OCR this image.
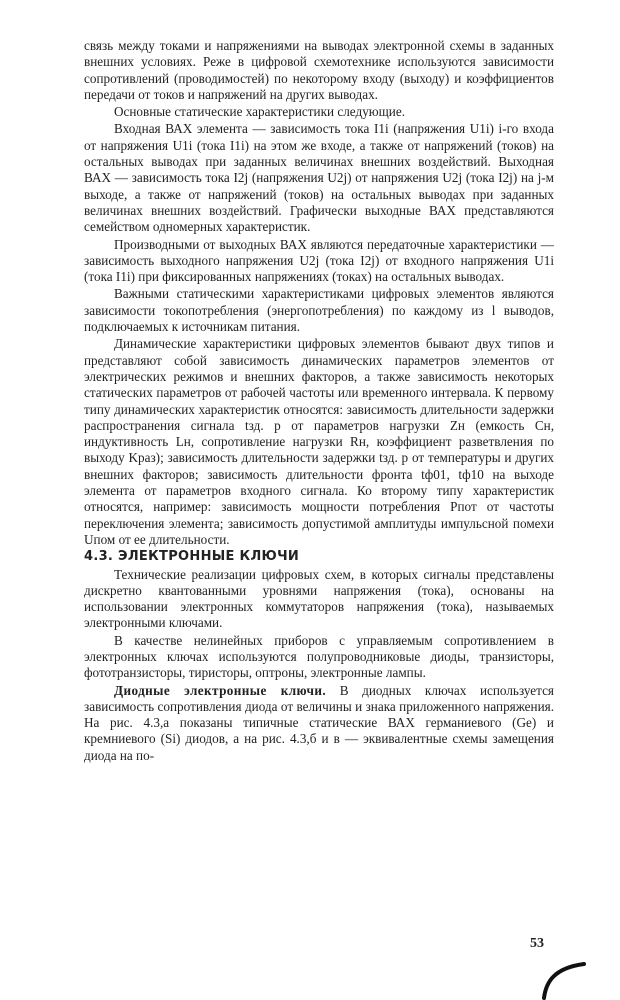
связь между токами и напряжениями на выводах электронной схемы в заданных внешних условиях. Реже в цифровой схемотехнике используются зависимости сопротивлений (проводимостей) по некоторому входу (выходу) и коэффициентов передачи от токов и напряжений на других выводах.

Основные статические характеристики следующие.

Входная ВАХ элемента — зависимость тока I1i (напряжения U1i) i-го входа от напряжения U1i (тока I1i) на этом же входе, а также от напряжений (токов) на остальных выводах при заданных величинах внешних воздействий. Выходная ВАХ — зависимость тока I2j (напряжения U2j) от напряжения U2j (тока I2j) на j-м выходе, а также от напряжений (токов) на остальных выводах при заданных величинах внешних воздействий. Графически выходные ВАХ представляются семейством одномерных характеристик.

Производными от выходных ВАХ являются передаточные характеристики — зависимость выходного напряжения U2j (тока I2j) от входного напряжения U1i (тока I1i) при фиксированных напряжениях (токах) на остальных выводах.

Важными статическими характеристиками цифровых элементов являются зависимости токопотребления (энергопотребления) по каждому из l выводов, подключаемых к источникам питания.

Динамические характеристики цифровых элементов бывают двух типов и представляют собой зависимость динамических параметров элементов от электрических режимов и внешних факторов, а также зависимость некоторых статических параметров от рабочей частоты или временного интервала. К первому типу динамических характеристик относятся: зависимость длительности задержки распространения сигнала tзд. р от параметров нагрузки Zн (емкость Cн, индуктивность Lн, сопротивление нагрузки Rн, коэффициент разветвления по выходу Kраз); зависимость длительности задержки tзд. р от температуры и других внешних факторов; зависимость длительности фронта tф01, tф10 на выходе элемента от параметров входного сигнала. Ко второму типу характеристик относятся, например: зависимость мощности потребления Pпот от частоты переключения элемента; зависимость допустимой амплитуды импульсной помехи Uпом от ее длительности.

4.3. ЭЛЕКТРОННЫЕ КЛЮЧИ

Технические реализации цифровых схем, в которых сигналы представлены дискретно квантованными уровнями напряжения (тока), основаны на использовании электронных коммутаторов напряжения (тока), называемых электронными ключами.

В качестве нелинейных приборов с управляемым сопротивлением в электронных ключах используются полупроводниковые диоды, транзисторы, фототранзисторы, тиристоры, оптроны, электронные лампы.

Диодные электронные ключи. В диодных ключах используется зависимость сопротивления диода от величины и знака приложенного напряжения. На рис. 4.3,а показаны типичные статические ВАХ германиевого (Ge) и кремниевого (Si) диодов, а на рис. 4.3,б и в — эквивалентные схемы замещения диода на по-

53
